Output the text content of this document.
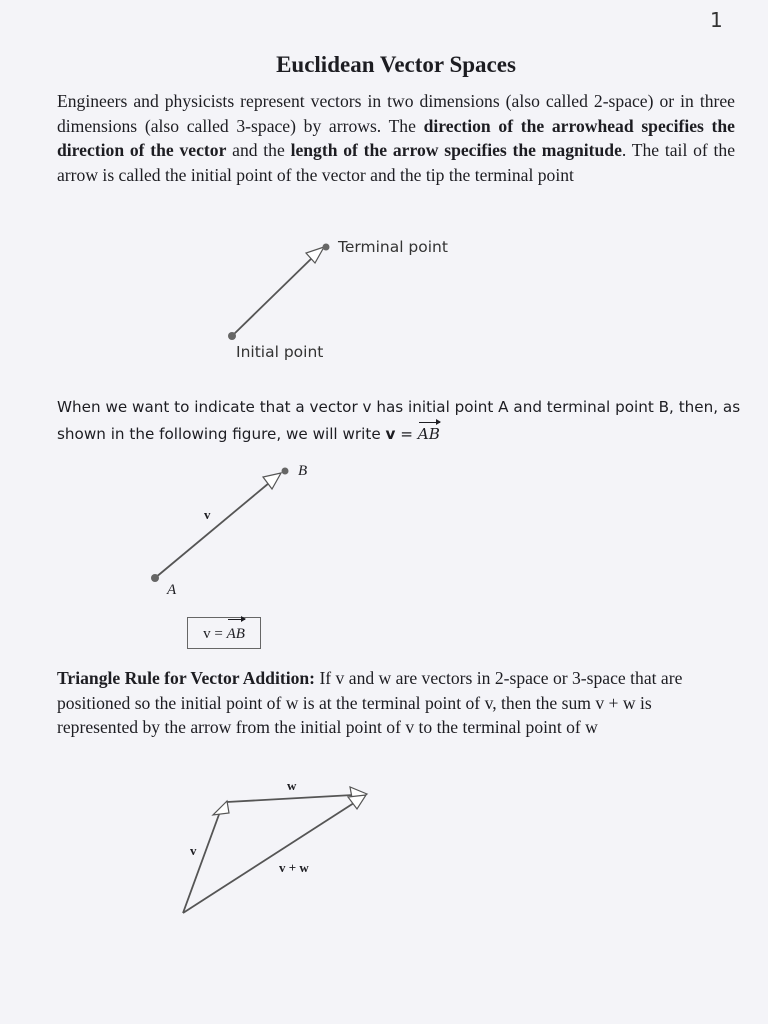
1
Euclidean Vector Spaces
Engineers and physicists represent vectors in two dimensions (also called 2-space) or in three dimensions (also called 3-space) by arrows. The direction of the arrowhead specifies the direction of the vector and the length of the arrow specifies the magnitude. The tail of the arrow is called the initial point of the vector and the tip the terminal point
Terminal point
Initial point
When we want to indicate that a vector v has initial point A and terminal point B, then, as shown in the following figure, we will write v = AB
B
A
v
v = AB
Triangle Rule for Vector Addition: If v and w are vectors in 2-space or 3-space that are positioned so the initial point of w is at the terminal point of v, then the sum v + w is represented by the arrow from the initial point of v to the terminal point of w
w
v
v + w
